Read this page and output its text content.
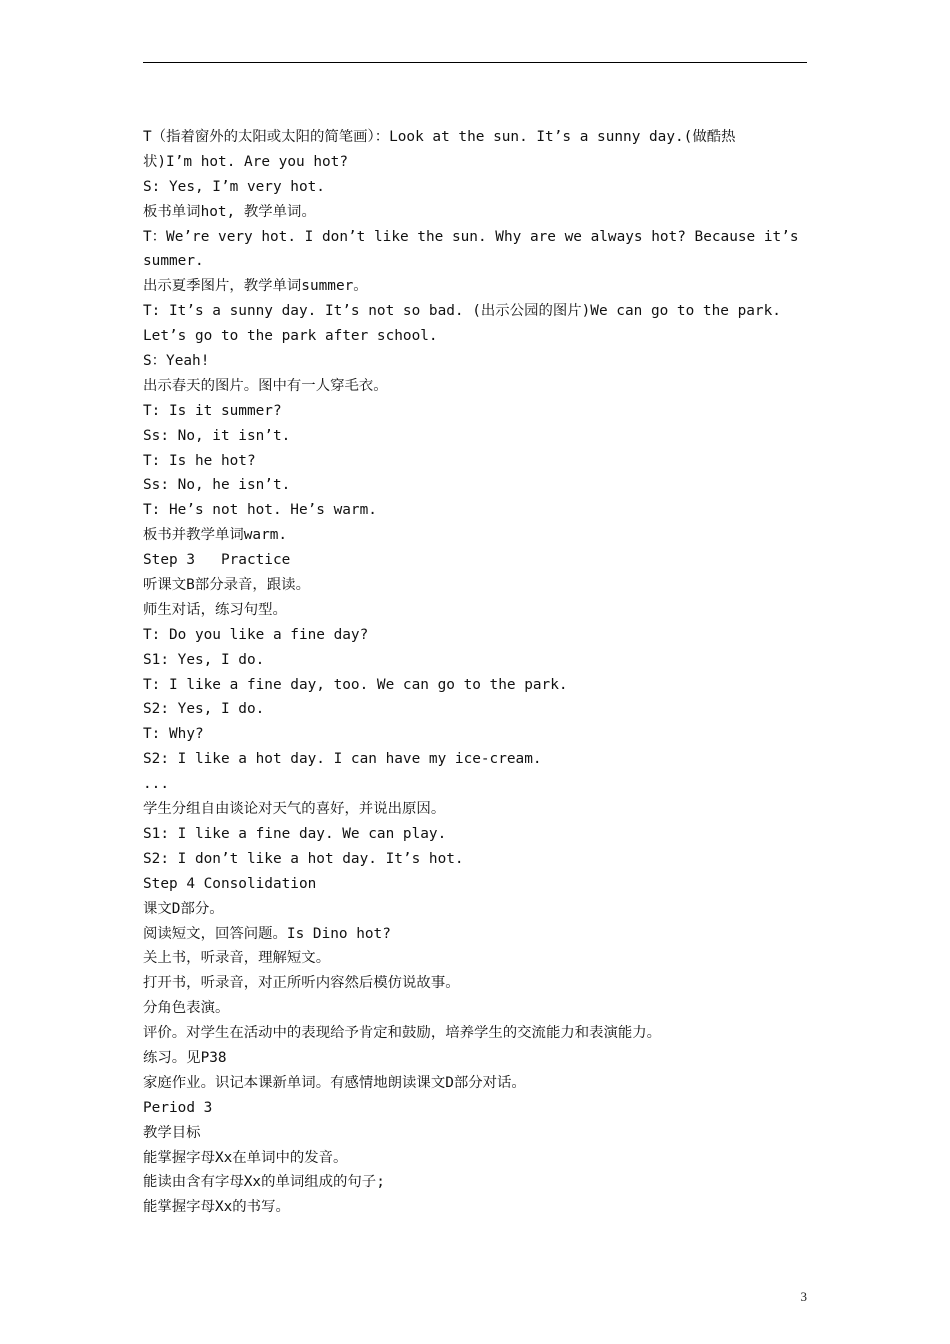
T（指着窗外的太阳或太阳的简笔画）：Look at the sun. It’s a sunny day.(做酷热
状)I’m hot. Are you hot?
S: Yes, I’m very hot.
板书单词hot, 教学单词。
T：We’re very hot. I don’t like the sun. Why are we always hot? Because it’s
summer.
出示夏季图片，教学单词summer。
T: It’s a sunny day. It’s not so bad. (出示公园的图片)We can go to the park.
Let’s go to the park after school.
S：Yeah!
出示春天的图片。图中有一人穿毛衣。
T: Is it summer?
Ss: No, it isn’t.
T: Is he hot?
Ss: No, he isn’t.
T: He’s not hot. He’s warm.
板书并教学单词warm.
Step 3   Practice
听课文B部分录音，跟读。
师生对话，练习句型。
T: Do you like a fine day?
S1: Yes, I do.
T: I like a fine day, too. We can go to the park.
S2: Yes, I do.
T: Why?
S2: I like a hot day. I can have my ice-cream.
...
学生分组自由谈论对天气的喜好，并说出原因。
S1: I like a fine day. We can play.
S2: I don’t like a hot day. It’s hot.
Step 4 Consolidation
课文D部分。
阅读短文，回答问题。Is Dino hot?
关上书，听录音，理解短文。
打开书，听录音，对正所听内容然后模仿说故事。
分角色表演。
评价。对学生在活动中的表现给予肯定和鼓励，培养学生的交流能力和表演能力。
练习。见P38
家庭作业。识记本课新单词。有感情地朗读课文D部分对话。
Period 3
教学目标
能掌握字母Xx在单词中的发音。
能读由含有字母Xx的单词组成的句子;
能掌握字母Xx的书写。
3
